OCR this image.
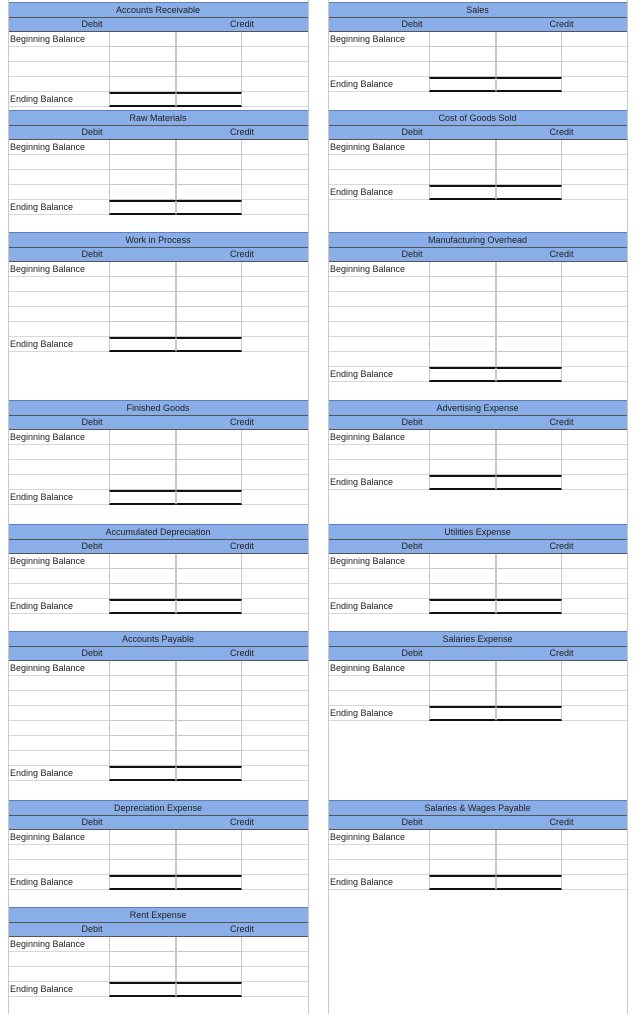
Accounts Receivable
Debit	Credit
Beginning Balance
Ending Balance
Raw Materials
Debit	Credit
Beginning Balance
Ending Balance
Work in Process
Debit	Credit
Beginning Balance
Ending Balance
Finished Goods
Debit	Credit
Beginning Balance
Ending Balance
Accumulated Depreciation
Debit	Credit
Beginning Balance
Ending Balance
Accounts Payable
Debit	Credit
Beginning Balance
Ending Balance
Depreciation Expense
Debit	Credit
Beginning Balance
Ending Balance
Rent Expense
Debit	Credit
Beginning Balance
Ending Balance
Sales
Debit	Credit
Beginning Balance
Ending Balance
Cost of Goods Sold
Debit	Credit
Beginning Balance
Ending Balance
Manufacturing Overhead
Debit	Credit
Beginning Balance
Ending Balance
Advertising Expense
Debit	Credit
Beginning Balance
Ending Balance
Utilities Expense
Debit	Credit
Beginning Balance
Ending Balance
Salaries Expense
Debit	Credit
Beginning Balance
Ending Balance
Salaries & Wages Payable
Debit	Credit
Beginning Balance
Ending Balance
